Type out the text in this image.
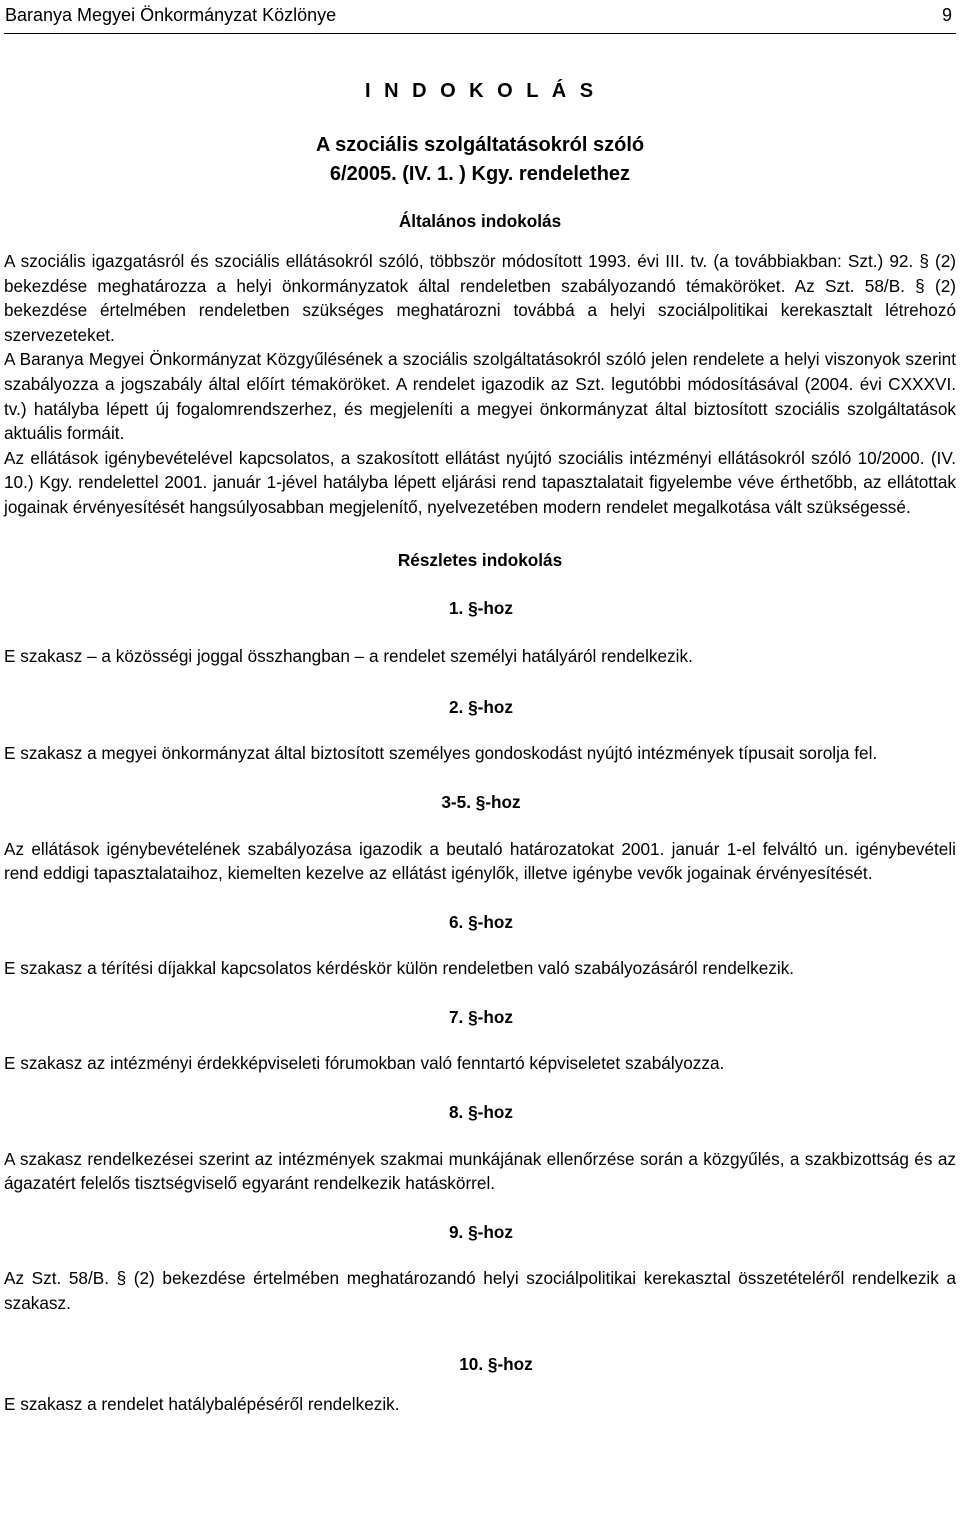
Baranya Megyei Önkormányzat Közlönye	9
I N D O K O L Á S
A szociális szolgáltatásokról szóló
6/2005. (IV. 1. ) Kgy. rendelethez
Általános indokolás

A szociális igazgatásról és szociális ellátásokról szóló, többször módosított 1993. évi III. tv. (a továbbiakban: Szt.) 92. § (2) bekezdése meghatározza a helyi önkormányzatok által rendeletben szabályozandó témaköröket. Az Szt. 58/B. § (2) bekezdése értelmében rendeletben szükséges meghatározni továbbá a helyi szociálpolitikai kerekasztalt létrehozó szervezeteket.

A Baranya Megyei Önkormányzat Közgyűlésének a szociális szolgáltatásokról szóló jelen rendelete a helyi viszonyok szerint szabályozza a jogszabály által előírt témaköröket. A rendelet igazodik az Szt. legutóbbi módosításával (2004. évi CXXXVI. tv.) hatályba lépett új fogalomrendszerhez, és megjeleníti a megyei önkormányzat által biztosított szociális szolgáltatások aktuális formáit.

Az ellátások igénybevételével kapcsolatos, a szakosított ellátást nyújtó szociális intézményi ellátásokról szóló 10/2000. (IV. 10.) Kgy. rendelettel 2001. január 1-jével hatályba lépett eljárási rend tapasztalatait figyelembe véve érthetőbb, az ellátottak jogainak érvényesítését hangsúlyosabban megjelenítő, nyelvezetében modern rendelet megalkotása vált szükségessé.

Részletes indokolás
1. §-hoz

E szakasz – a közösségi joggal összhangban – a rendelet személyi hatályáról rendelkezik.

2. §-hoz

E szakasz a megyei önkormányzat által biztosított személyes gondoskodást nyújtó intézmények típusait sorolja fel.

3-5. §-hoz

Az ellátások igénybevételének szabályozása igazodik a beutaló határozatokat 2001. január 1-el felváltó un. igénybevételi rend eddigi tapasztalataihoz, kiemelten kezelve az ellátást igénylők, illetve igénybe vevők jogainak érvényesítését.

6. §-hoz

E szakasz a térítési díjakkal kapcsolatos kérdéskör külön rendeletben való szabályozásáról rendelkezik.

7. §-hoz

E szakasz az intézményi érdekképviseleti fórumokban való fenntartó képviseletet szabályozza.

8. §-hoz

A szakasz rendelkezései szerint az intézmények szakmai munkájának ellenőrzése során a közgyűlés, a szakbizottság és az ágazatért felelős tisztségviselő egyaránt rendelkezik hatáskörrel.

9. §-hoz

Az Szt. 58/B. § (2) bekezdése értelmében meghatározandó helyi szociálpolitikai kerekasztal összetételéről rendelkezik a szakasz.

10. §-hoz

E szakasz a rendelet hatálybalépéséről rendelkezik.
